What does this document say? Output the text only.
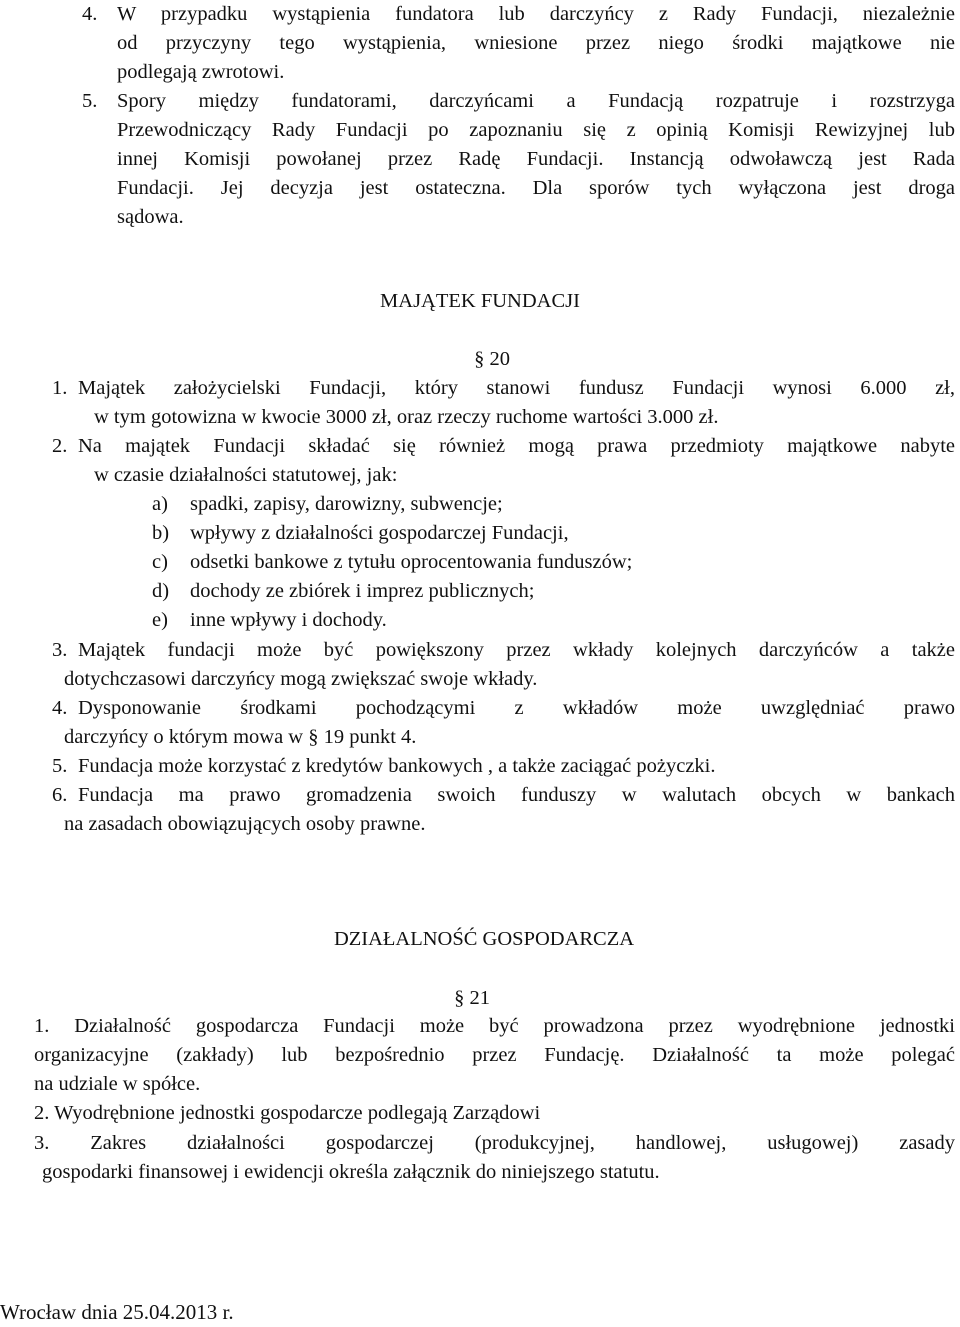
4. W przypadku wystąpienia fundatora lub darczyńcy z Rady Fundacji, niezależnie
od przyczyny tego wystąpienia, wniesione przez niego środki majątkowe nie
podlegają zwrotowi.
5. Spory między fundatorami, darczyńcami a Fundacją rozpatruje i rozstrzyga
Przewodniczący Rady Fundacji po zapoznaniu się z opinią Komisji Rewizyjnej lub
innej Komisji powołanej przez Radę Fundacji. Instancją odwoławczą jest Rada
Fundacji. Jej decyzja jest ostateczna. Dla sporów tych wyłączona jest droga
sądowa.
MAJĄTEK FUNDACJI
§ 20
1. Majątek założycielski Fundacji, który stanowi fundusz Fundacji wynosi 6.000 zł,
w tym gotowizna w kwocie 3000 zł, oraz rzeczy ruchome wartości 3.000 zł.
2. Na majątek Fundacji składać się również mogą prawa przedmioty majątkowe nabyte
w czasie działalności statutowej, jak:
a) spadki, zapisy, darowizny, subwencje;
b) wpływy z działalności gospodarczej Fundacji,
c) odsetki bankowe z tytułu oprocentowania funduszów;
d) dochody ze zbiórek i imprez publicznych;
e) inne wpływy i dochody.
3. Majątek fundacji może być powiększony przez wkłady kolejnych darczyńców a także
dotychczasowi darczyńcy mogą zwiększać swoje wkłady.
4. Dysponowanie środkami pochodzącymi z wkładów może uwzględniać prawo
darczyńcy o którym mowa w § 19 punkt 4.
5. Fundacja może korzystać z kredytów bankowych , a także zaciągać pożyczki.
6. Fundacja ma prawo gromadzenia swoich funduszy w walutach obcych w bankach
na zasadach obowiązujących osoby prawne.
DZIAŁALNOŚĆ GOSPODARCZA
§ 21
1. Działalność gospodarcza Fundacji może być prowadzona przez wyodrębnione jednostki
organizacyjne (zakłady) lub bezpośrednio przez Fundację. Działalność ta może polegać
na udziale w spółce.
2. Wyodrębnione jednostki gospodarcze podlegają Zarządowi
3. Zakres działalności gospodarczej (produkcyjnej, handlowej, usługowej) zasady
gospodarki finansowej i ewidencji określa załącznik do niniejszego statutu.
Wrocław dnia 25.04.2013 r.
